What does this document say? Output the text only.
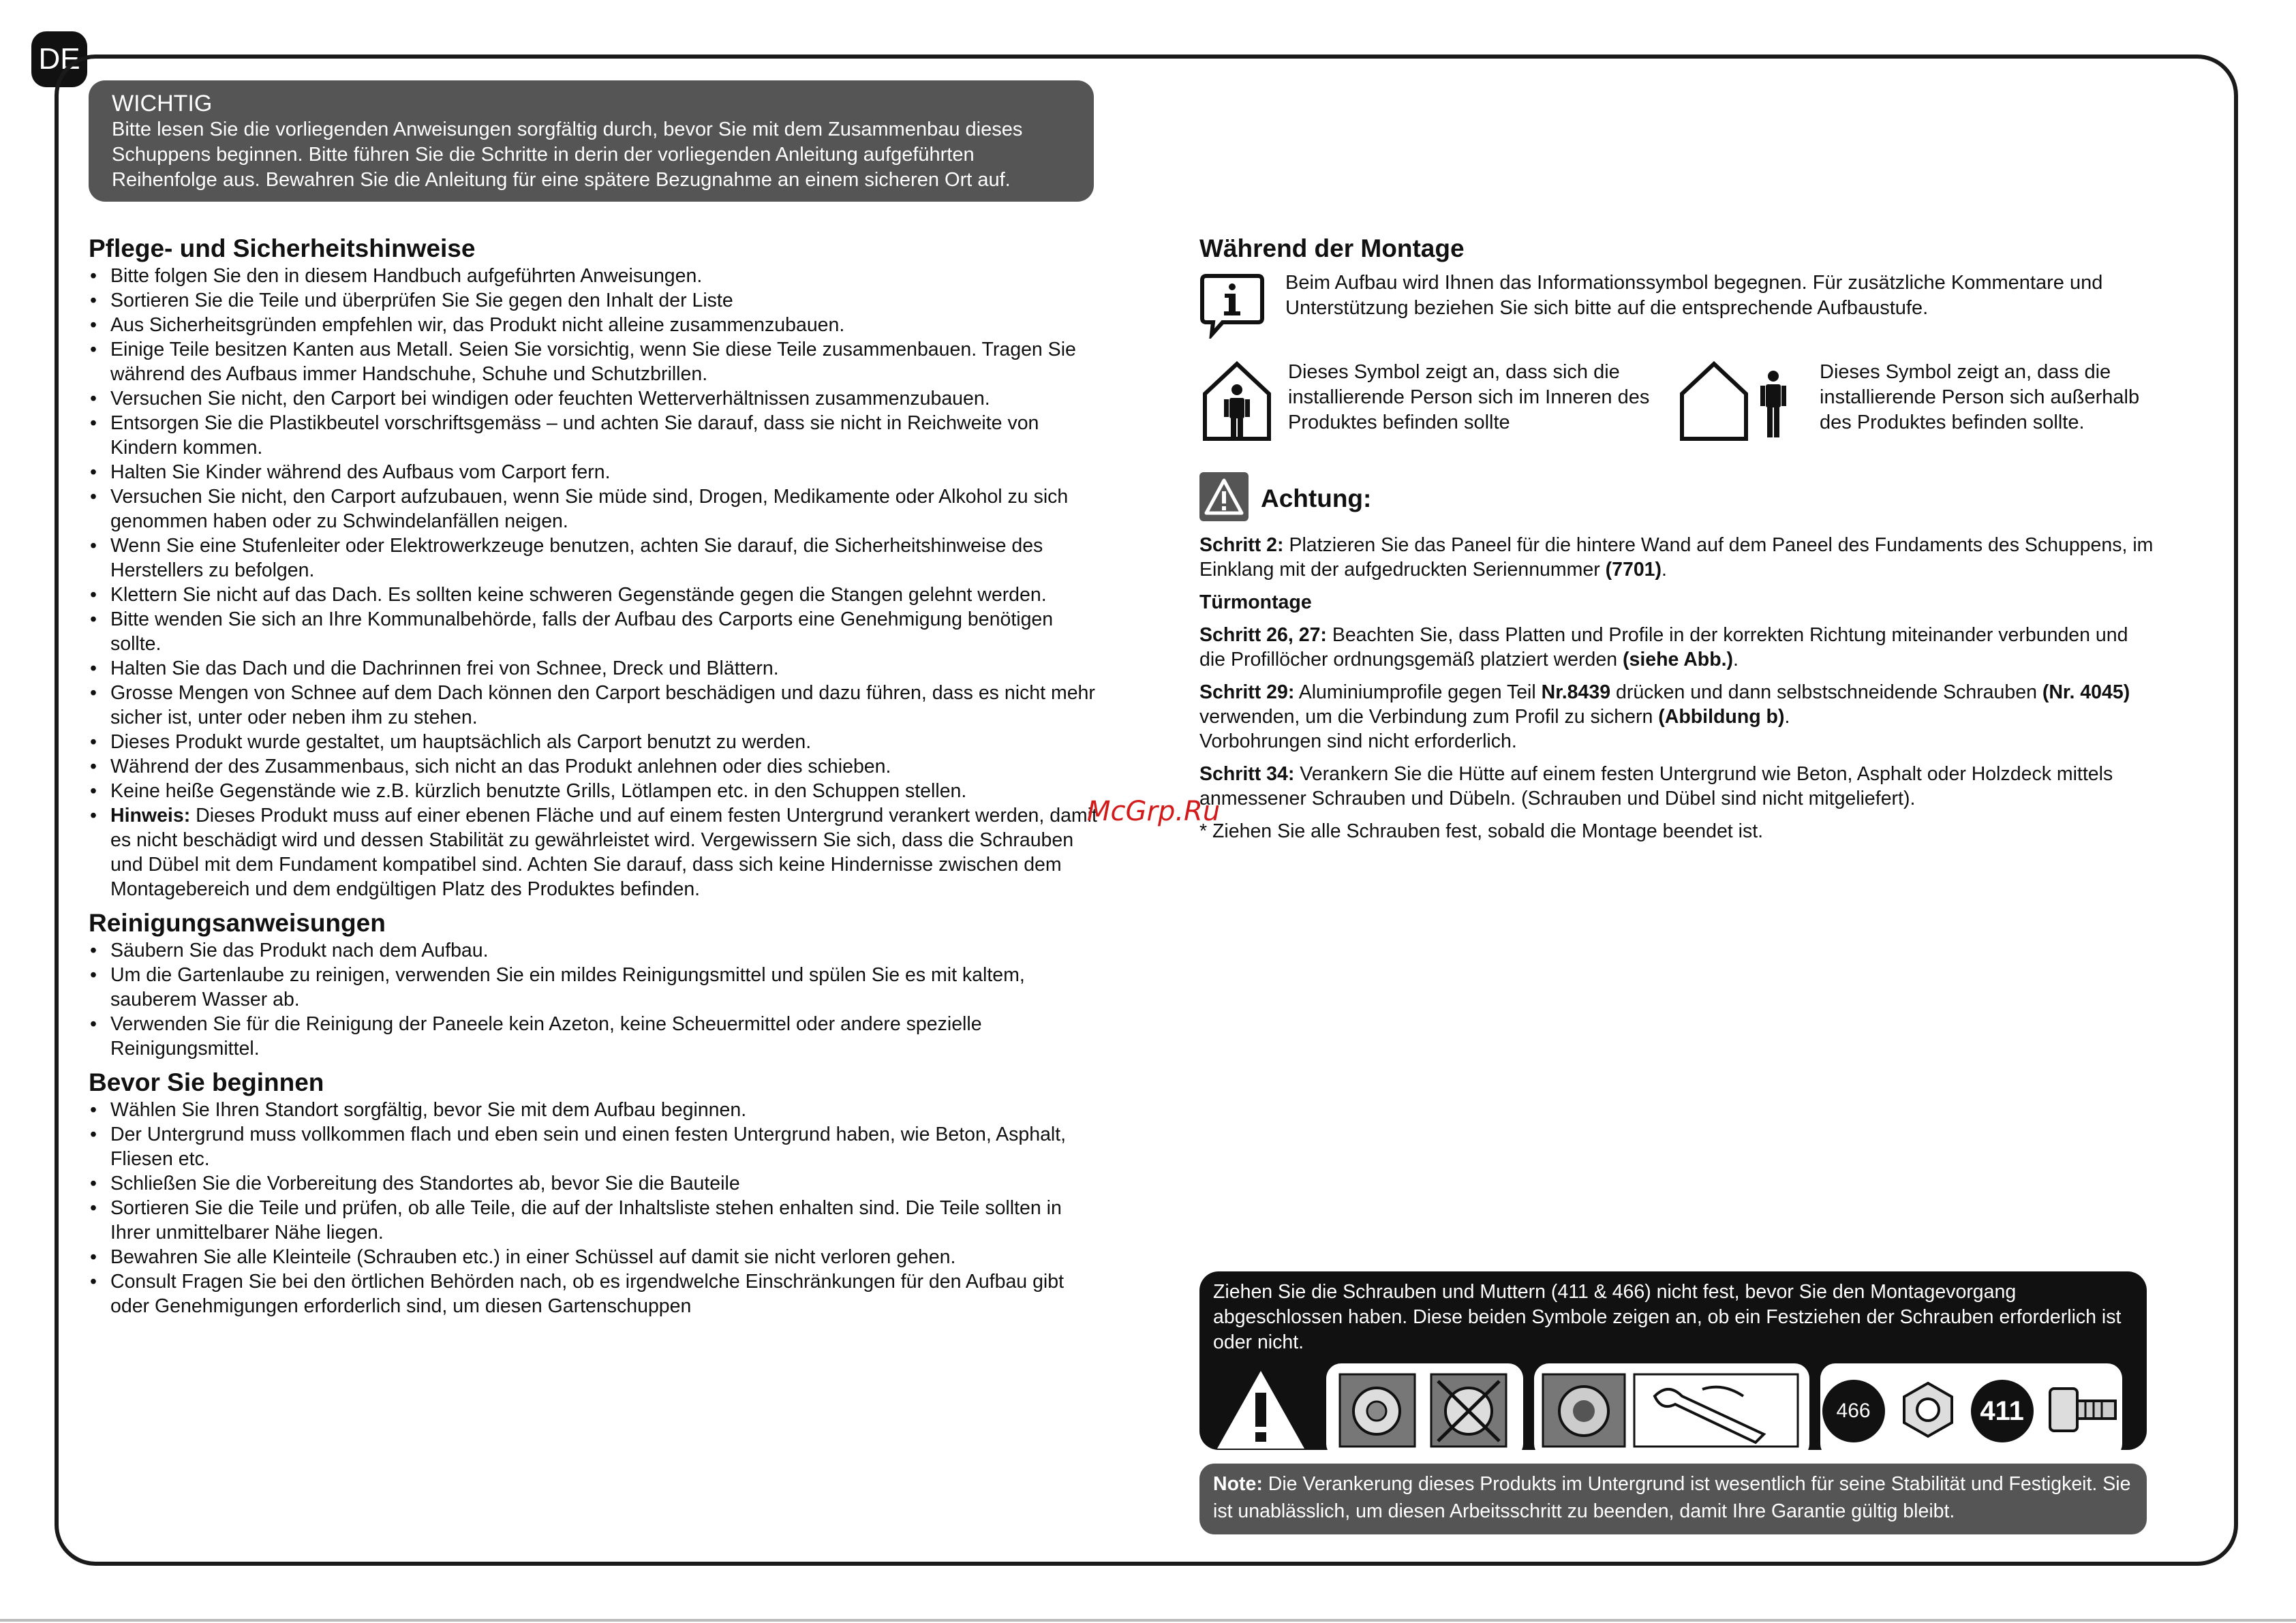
DE
WICHTIG
Bitte lesen Sie die vorliegenden Anweisungen sorgfältig durch, bevor Sie mit dem Zusammenbau dieses
Schuppens beginnen. Bitte führen Sie die Schritte in derin der vorliegenden Anleitung aufgeführten
Reihenfolge aus. Bewahren Sie die Anleitung für eine spätere Bezugnahme an einem sicheren Ort auf.
Pflege- und Sicherheitshinweise
• Bitte folgen Sie den in diesem Handbuch aufgeführten Anweisungen.
• Sortieren Sie die Teile und überprüfen Sie Sie gegen den Inhalt der Liste
• Aus Sicherheitsgründen empfehlen wir, das Produkt nicht alleine zusammenzubauen.
• Einige Teile besitzen Kanten aus Metall. Seien Sie vorsichtig, wenn Sie diese Teile zusammenbauen. Tragen Sie während des Aufbaus immer Handschuhe, Schuhe und Schutzbrillen.
• Versuchen Sie nicht, den Carport bei windigen oder feuchten Wetterverhältnissen zusammenzubauen.
• Entsorgen Sie die Plastikbeutel vorschriftsgemäss – und achten Sie darauf, dass sie nicht in Reichweite von Kindern kommen.
• Halten Sie Kinder während des Aufbaus vom Carport fern.
• Versuchen Sie nicht, den Carport aufzubauen, wenn Sie müde sind, Drogen, Medikamente oder Alkohol zu sich genommen haben oder zu Schwindelanfällen neigen.
• Wenn Sie eine Stufenleiter oder Elektrowerkzeuge benutzen, achten Sie darauf, die Sicherheitshinweise des Herstellers zu befolgen.
• Klettern Sie nicht auf das Dach. Es sollten keine schweren Gegenstände gegen die Stangen gelehnt werden.
• Bitte wenden Sie sich an Ihre Kommunalbehörde, falls der Aufbau des Carports eine Genehmigung benötigen sollte.
• Halten Sie das Dach und die Dachrinnen frei von Schnee, Dreck und Blättern.
• Grosse Mengen von Schnee auf dem Dach können den Carport beschädigen und dazu führen, dass es nicht mehr sicher ist, unter oder neben ihm zu stehen.
• Dieses Produkt wurde gestaltet, um hauptsächlich als Carport benutzt zu werden.
• Während der des Zusammenbaus, sich nicht an das Produkt anlehnen oder dies schieben.
• Keine heiße Gegenstände wie z.B. kürzlich benutzte Grills, Lötlampen etc. in den Schuppen stellen.
• Hinweis: Dieses Produkt muss auf einer ebenen Fläche und auf einem festen Untergrund verankert werden, damit es nicht beschädigt wird und dessen Stabilität zu gewährleistet wird. Vergewissern Sie sich, dass die Schrauben und Dübel mit dem Fundament kompatibel sind. Achten Sie darauf, dass sich keine Hindernisse zwischen dem Montagebereich und dem endgültigen Platz des Produktes befinden.
Reinigungsanweisungen
• Säubern Sie das Produkt nach dem Aufbau.
• Um die Gartenlaube zu reinigen, verwenden Sie ein mildes Reinigungsmittel und spülen Sie es mit kaltem, sauberem Wasser ab.
• Verwenden Sie für die Reinigung der Paneele kein Azeton, keine Scheuermittel oder andere spezielle Reinigungsmittel.
Bevor Sie beginnen
• Wählen Sie Ihren Standort sorgfältig, bevor Sie mit dem Aufbau beginnen.
• Der Untergrund muss vollkommen flach und eben sein und einen festen Untergrund haben, wie Beton, Asphalt, Fliesen etc.
• Schließen Sie die Vorbereitung des Standortes ab, bevor Sie die Bauteile
• Sortieren Sie die Teile und prüfen, ob alle Teile, die auf der Inhaltsliste stehen enhalten sind. Die Teile sollten in Ihrer unmittelbarer Nähe liegen.
• Bewahren Sie alle Kleinteile (Schrauben etc.) in einer Schüssel auf damit sie nicht verloren gehen.
• Consult Fragen Sie bei den örtlichen Behörden nach, ob es irgendwelche Einschränkungen für den Aufbau gibt oder Genehmigungen erforderlich sind, um diesen Gartenschuppen
Während der Montage
Beim Aufbau wird Ihnen das Informationssymbol begegnen. Für zusätzliche Kommentare und Unterstützung beziehen Sie sich bitte auf die entsprechende Aufbaustufe.
Dieses Symbol zeigt an, dass sich die installierende Person sich im Inneren des Produktes befinden sollte
Dieses Symbol zeigt an, dass die installierende Person sich außerhalb des Produktes befinden sollte.
Achtung:
Schritt 2: Platzieren Sie das Paneel für die hintere Wand auf dem Paneel des Fundaments des Schuppens, im Einklang mit der aufgedruckten Seriennummer (7701).
Türmontage
Schritt 26, 27: Beachten Sie, dass Platten und Profile in der korrekten Richtung miteinander verbunden und die Profillöcher ordnungsgemäß platziert werden (siehe Abb.).
Schritt 29: Aluminiumprofile gegen Teil Nr.8439 drücken und dann selbstschneidende Schrauben (Nr. 4045) verwenden, um die Verbindung zum Profil zu sichern (Abbildung b).
Vorbohrungen sind nicht erforderlich.
Schritt 34: Verankern Sie die Hütte auf einem festen Untergrund wie Beton, Asphalt oder Holzdeck mittels anmessener Schrauben und Dübeln. (Schrauben und Dübel sind nicht mitgeliefert).
* Ziehen Sie alle Schrauben fest, sobald die Montage beendet ist.
Ziehen Sie die Schrauben und Muttern (411 & 466) nicht fest, bevor Sie den Montagevorgang abgeschlossen haben. Diese beiden Symbole zeigen an, ob ein Festziehen der Schrauben erforderlich ist oder nicht.
466	411
Note: Die Verankerung dieses Produkts im Untergrund ist wesentlich für seine Stabilität und Festigkeit. Sie ist unablässlich, um diesen Arbeitsschritt zu beenden, damit Ihre Garantie gültig bleibt.
McGrp.Ru
